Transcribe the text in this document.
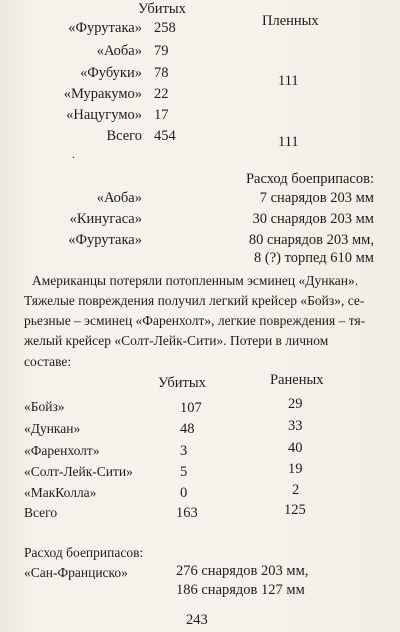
Убитых
Пленных
«Фурутака» 258
«Аоба» 79
«Фубуки» 78	111
«Муракумо» 22
«Нацугумо» 17
Всего 454	111
.
Расход боеприпасов:
«Аоба»	7 снарядов 203 мм
«Кинугаса»	30 снарядов 203 мм
«Фурутака»	80 снарядов 203 мм,
8 (?) торпед 610 мм
Американцы потеряли потопленным эсминец «Дункан».
Тяжелые повреждения получил легкий крейсер «Бойз», се-
рьезные – эсминец «Фаренхолт», легкие повреждения – тя-
желый крейсер «Солт-Лейк-Сити». Потери в личном составе:
Убитых	Раненых
«Бойз»	107	29
«Дункан»	48	33
«Фаренхолт»	3	40
«Солт-Лейк-Сити»	5	19
«МакКолла»	0	2
Всего	163	125
Расход боеприпасов:
«Сан-Франциско»	276 снарядов 203 мм,
186 снарядов 127 мм
243
